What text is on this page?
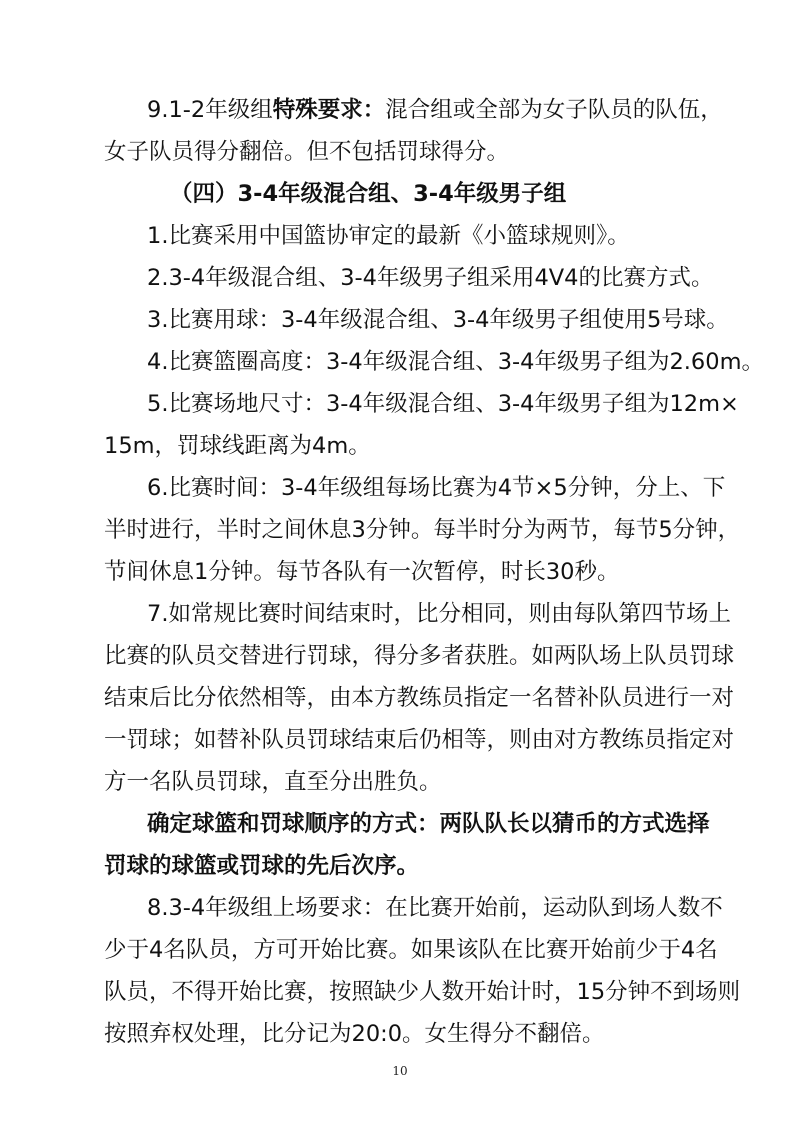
9.1-2年级组特殊要求：混合组或全部为女子队员的队伍，
女子队员得分翻倍。但不包括罚球得分。
（四）3-4年级混合组、3-4年级男子组
1.比赛采用中国篮协审定的最新《小篮球规则》。
2.3-4年级混合组、3-4年级男子组采用4V4的比赛方式。
3.比赛用球：3-4年级混合组、3-4年级男子组使用5号球。
4.比赛篮圈高度：3-4年级混合组、3-4年级男子组为2.60m。
5.比赛场地尺寸：3-4年级混合组、3-4年级男子组为12m×
15m，罚球线距离为4m。
6.比赛时间：3-4年级组每场比赛为4节×5分钟，分上、下
半时进行，半时之间休息3分钟。每半时分为两节，每节5分钟，
节间休息1分钟。每节各队有一次暂停，时长30秒。
7.如常规比赛时间结束时，比分相同，则由每队第四节场上
比赛的队员交替进行罚球，得分多者获胜。如两队场上队员罚球
结束后比分依然相等，由本方教练员指定一名替补队员进行一对
一罚球；如替补队员罚球结束后仍相等，则由对方教练员指定对
方一名队员罚球，直至分出胜负。
确定球篮和罚球顺序的方式：两队队长以猜币的方式选择
罚球的球篮或罚球的先后次序。
8.3-4年级组上场要求：在比赛开始前，运动队到场人数不
少于4名队员，方可开始比赛。如果该队在比赛开始前少于4名
队员，不得开始比赛，按照缺少人数开始计时，15分钟不到场则
按照弃权处理，比分记为20:0。女生得分不翻倍。
10
